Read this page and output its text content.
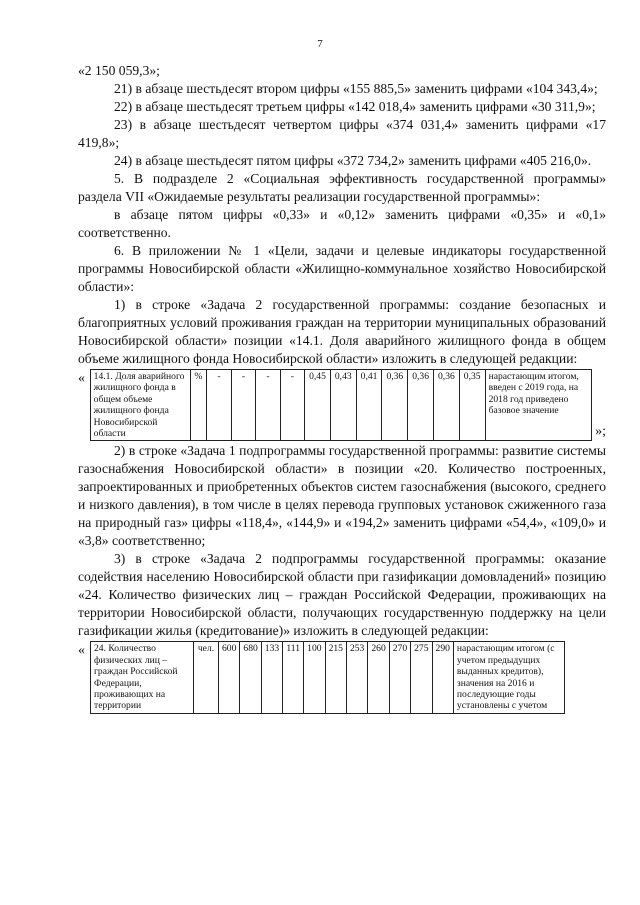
7

«2 150 059,3»;

21) в абзаце шестьдесят втором цифры «155 885,5» заменить цифрами «104 343,4»;

22) в абзаце шестьдесят третьем цифры «142 018,4» заменить цифрами «30 311,9»;

23) в абзаце шестьдесят четвертом цифры «374 031,4» заменить цифрами «17 419,8»;

24) в абзаце шестьдесят пятом цифры «372 734,2» заменить цифрами «405 216,0».

5. В подразделе 2 «Социальная эффективность государственной программы» раздела VII «Ожидаемые результаты реализации государственной программы»:

в абзаце пятом цифры «0,33» и «0,12» заменить цифрами «0,35» и «0,1» соответственно.

6. В приложении № 1 «Цели, задачи и целевые индикаторы государственной программы Новосибирской области «Жилищно-коммунальное хозяйство Новосибирской области»:

1) в строке «Задача 2 государственной программы: создание безопасных и благоприятных условий проживания граждан на территории муниципальных образований Новосибирской области» позиции «14.1. Доля аварийного жилищного фонда в общем объеме жилищного фонда Новосибирской области» изложить в следующей редакции:

« 14.1. Доля аварийного жилищного фонда в общем объеме жилищного фонда Новосибирской области	%	-	-	-	-	0,45	0,43	0,41	0,36	0,36	0,36	0,35	нарастающим итогом, введен с 2019 года, на 2018 год приведено базовое значение
»;

2) в строке «Задача 1 подпрограммы государственной программы: развитие системы газоснабжения Новосибирской области» в позиции «20. Количество построенных, запроектированных и приобретенных объектов систем газоснабжения (высокого, среднего и низкого давления), в том числе в целях перевода групповых установок сжиженного газа на природный газ» цифры «118,4», «144,9» и «194,2» заменить цифрами «54,4», «109,0» и «3,8» соответственно;

3) в строке «Задача 2 подпрограммы государственной программы: оказание содействия населению Новосибирской области при газификации домовладений» позицию «24. Количество физических лиц – граждан Российской Федерации, проживающих на территории Новосибирской области, получающих государственную поддержку на цели газификации жилья (кредитование)» изложить в следующей редакции:

« 24. Количество физических лиц – граждан Российской Федерации, проживающих на территории	чел.	600	680	133	111	100	215	253	260	270	275	290	нарастающим итогом (с учетом предыдущих выданных кредитов), значения на 2016 и последующие годы установлены с учетом
